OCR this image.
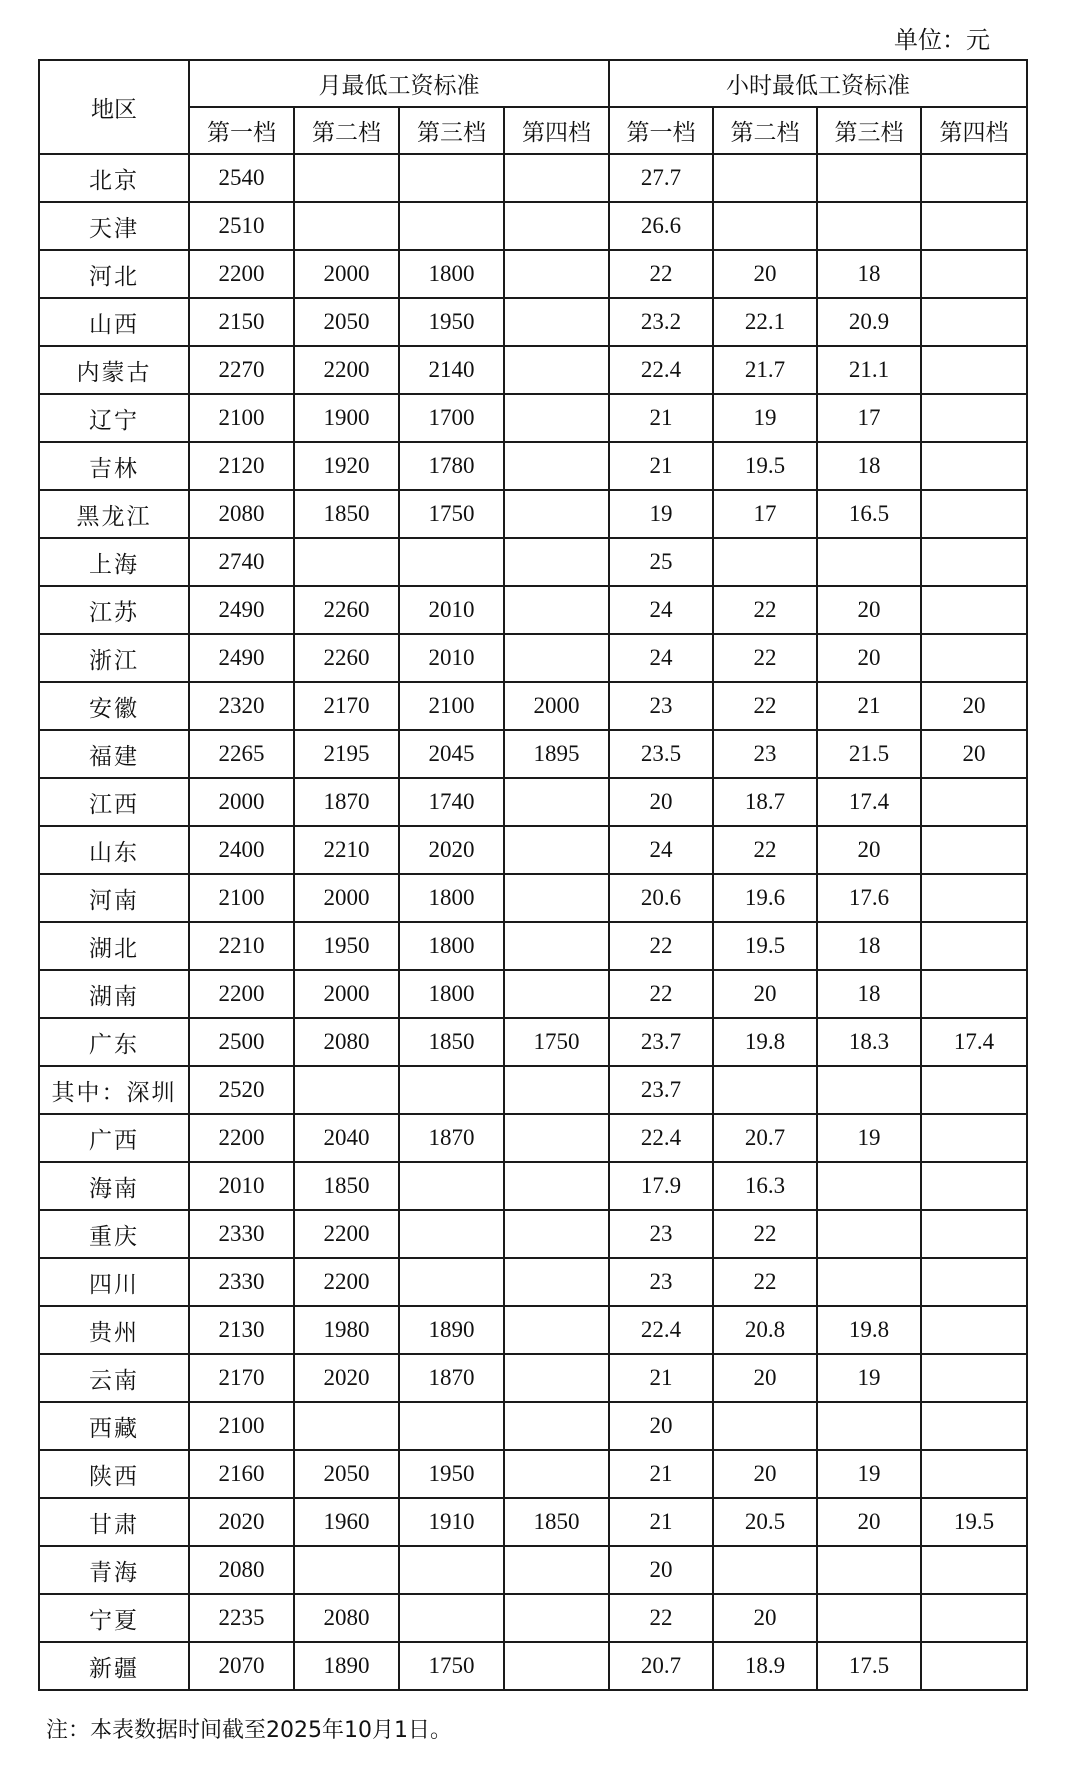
单位：元
地区	月最低工资标准				小时最低工资标准			
	第一档	第二档	第三档	第四档	第一档	第二档	第三档	第四档
北京	2540				27.7			
天津	2510				26.6			
河北	2200	2000	1800		22	20	18	
山西	2150	2050	1950		23.2	22.1	20.9	
内蒙古	2270	2200	2140		22.4	21.7	21.1	
辽宁	2100	1900	1700		21	19	17	
吉林	2120	1920	1780		21	19.5	18	
黑龙江	2080	1850	1750		19	17	16.5	
上海	2740				25			
江苏	2490	2260	2010		24	22	20	
浙江	2490	2260	2010		24	22	20	
安徽	2320	2170	2100	2000	23	22	21	20
福建	2265	2195	2045	1895	23.5	23	21.5	20
江西	2000	1870	1740		20	18.7	17.4	
山东	2400	2210	2020		24	22	20	
河南	2100	2000	1800		20.6	19.6	17.6	
湖北	2210	1950	1800		22	19.5	18	
湖南	2200	2000	1800		22	20	18	
广东	2500	2080	1850	1750	23.7	19.8	18.3	17.4
其中：深圳	2520				23.7			
广西	2200	2040	1870		22.4	20.7	19	
海南	2010	1850			17.9	16.3		
重庆	2330	2200			23	22		
四川	2330	2200			23	22		
贵州	2130	1980	1890		22.4	20.8	19.8	
云南	2170	2020	1870		21	20	19	
西藏	2100				20			
陕西	2160	2050	1950		21	20	19	
甘肃	2020	1960	1910	1850	21	20.5	20	19.5
青海	2080				20			
宁夏	2235	2080			22	20		
新疆	2070	1890	1750		20.7	18.9	17.5	
注：本表数据时间截至2025年10月1日。
